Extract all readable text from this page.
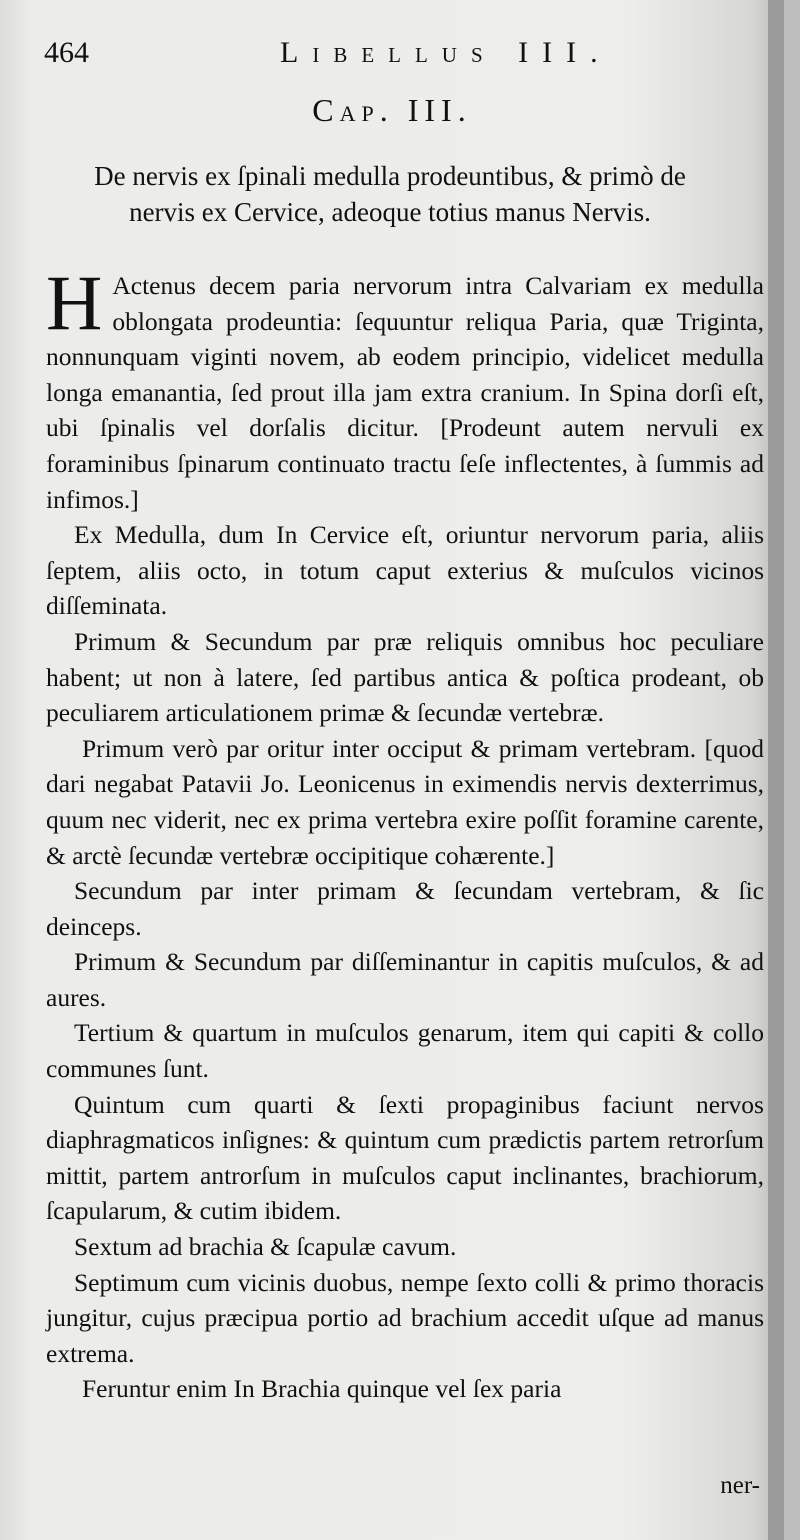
464	Libellus III.
Cap. III.
De nervis ex ſpinali medulla prodeuntibus, & primò de nervis ex Cervice, adeoque totius manus Nervis.

H Actenus decem paria nervorum intra Calvariam ex medulla oblongata prodeuntia: ſequuntur reliqua Paria, quæ Triginta, nonnunquam viginti novem, ab eodem principio, videlicet medulla longa emanantia, ſed prout illa jam extra cranium. In Spina dorſi eſt, ubi ſpinalis vel dorſalis dicitur. [Prodeunt autem nervuli ex foraminibus ſpinarum continuato tractu ſeſe inflectentes, à ſummis ad infimos.]

Ex Medulla, dum In Cervice eſt, oriuntur nervorum paria, aliis ſeptem, aliis octo, in totum caput exterius & muſculos vicinos diſſeminata.

Primum & Secundum par præ reliquis omnibus hoc peculiare habent; ut non à latere, ſed partibus antica & poſtica prodeant, ob peculiarem articulationem primæ & ſecundæ vertebræ.

Primum verò par oritur inter occiput & primam vertebram. [quod dari negabat Patavii Jo. Leonicenus in eximendis nervis dexterrimus, quum nec viderit, nec ex prima vertebra exire poſſit foramine carente, & arctè ſecundæ vertebræ occipitique cohærente.]

Secundum par inter primam & ſecundam vertebram, & ſic deinceps.

Primum & Secundum par diſſeminantur in capitis muſculos, & ad aures.

Tertium & quartum in muſculos genarum, item qui capiti & collo communes ſunt.

Quintum cum quarti & ſexti propaginibus faciunt nervos diaphragmaticos inſignes: & quintum cum prædictis partem retrorſum mittit, partem antrorſum in muſculos caput inclinantes, brachiorum, ſcapularum, & cutim ibidem.

Sextum ad brachia & ſcapulæ cavum.

Septimum cum vicinis duobus, nempe ſexto colli & primo thoracis jungitur, cujus præcipua portio ad brachium accedit uſque ad manus extrema.

Feruntur enim In Brachia quinque vel ſex paria

ner-
